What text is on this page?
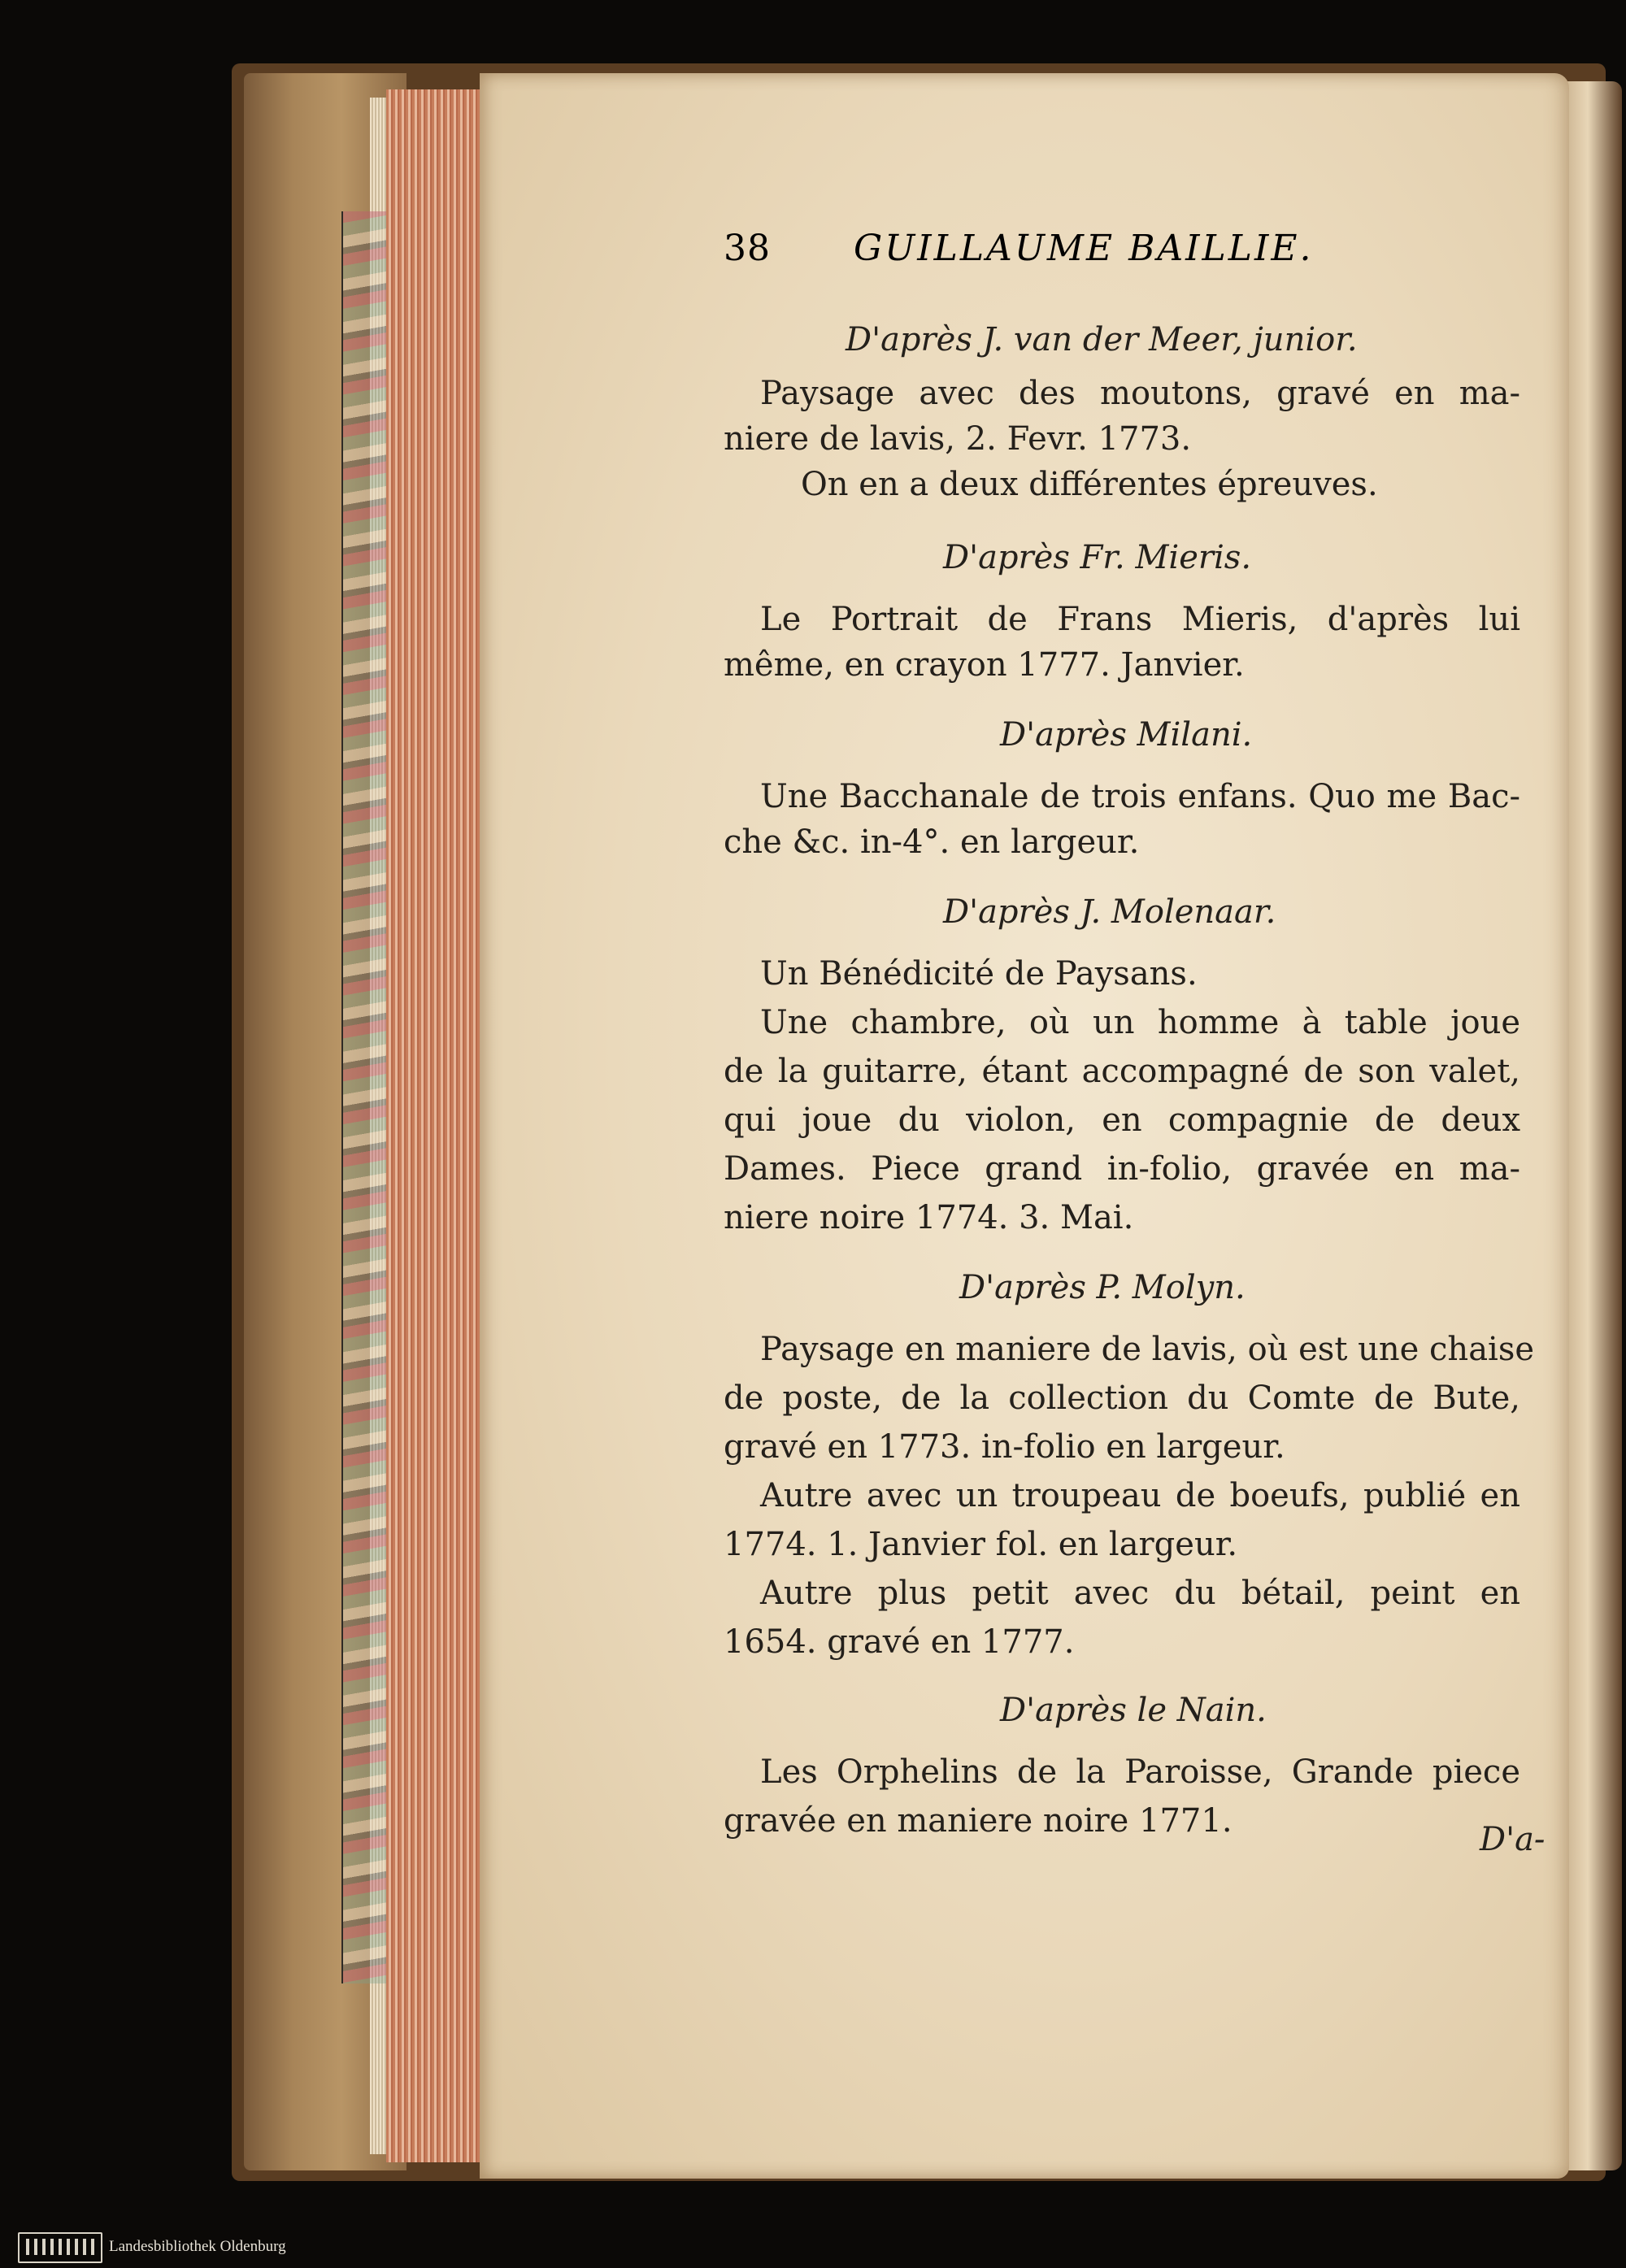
38 GUILLAUME BAILLIE.
D'après J. van der Meer, junior.
Paysage avec des moutons, gravé en ma-
niere de lavis, 2. Fevr. 1773.
On en a deux différentes épreuves.
D'après Fr. Mieris.
Le Portrait de Frans Mieris, d'après lui
même, en crayon 1777. Janvier.
D'après Milani.
Une Bacchanale de trois enfans. Quo me Bac-
che &c. in-4°. en largeur.
D'après J. Molenaar.
Un Bénédicité de Paysans.
Une chambre, où un homme à table joue
de la guitarre, étant accompagné de son valet,
qui joue du violon, en compagnie de deux
Dames. Piece grand in-folio, gravée en ma-
niere noire 1774. 3. Mai.
D'après P. Molyn.
Paysage en maniere de lavis, où est une chaise
de poste, de la collection du Comte de Bute,
gravé en 1773. in-folio en largeur.
Autre avec un troupeau de boeufs, publié en
1774. 1. Janvier fol. en largeur.
Autre plus petit avec du bétail, peint en
1654. gravé en 1777.
D'après le Nain.
Les Orphelins de la Paroisse, Grande piece
gravée en maniere noire 1771.	D'a-
Landesbibliothek Oldenburg
